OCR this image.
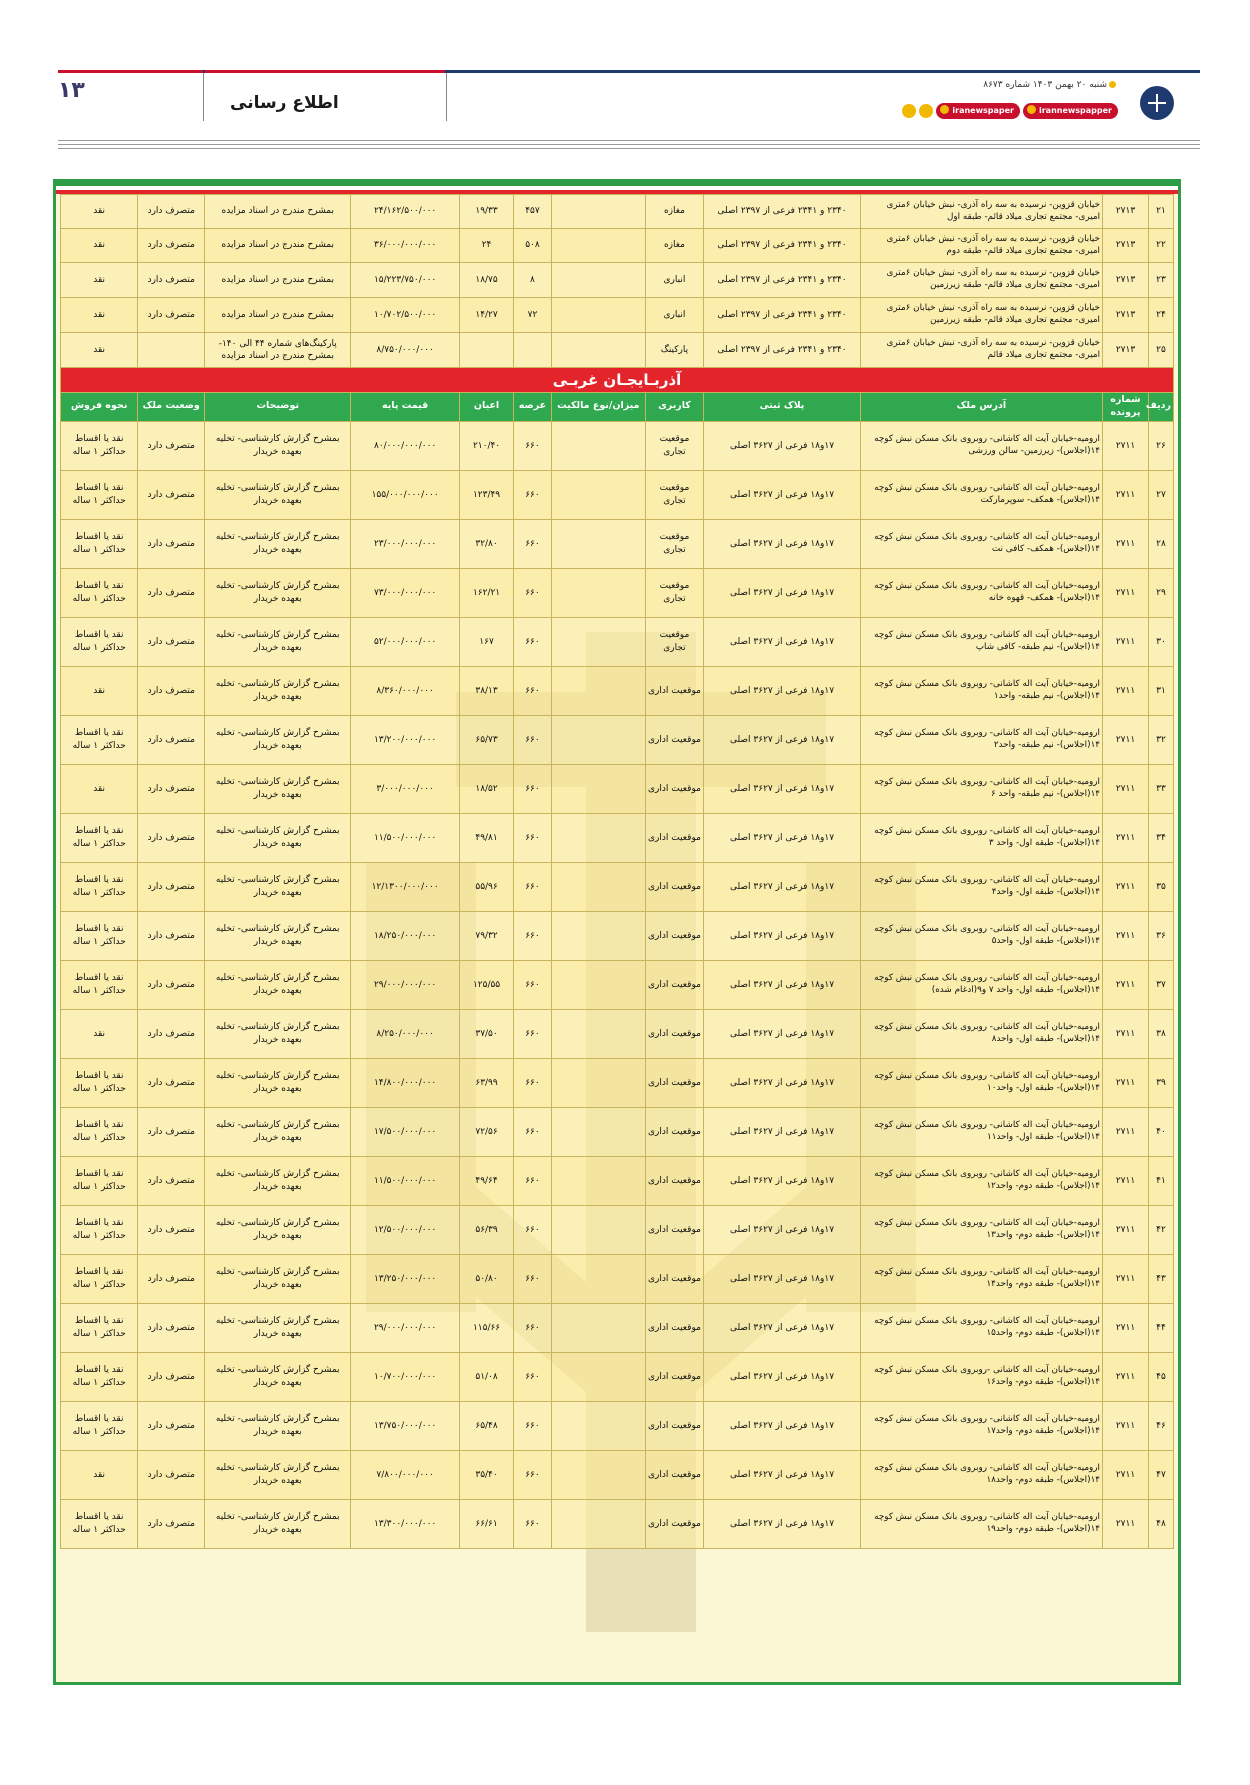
۱۳	اطلاع رسانی
شنبه ۲۰ بهمن ۱۴۰۳ شماره ۸۶۷۳
iranewspaper	irannewspapper
۲۱	۲۷۱۳	خیابان قزوین- نرسیده به سه راه آذری- نبش خیابان ۶متری امیری- مجتمع تجاری میلاد قائم- طبقه اول	۲۳۴۰ و ۲۳۴۱ فرعی از ۲۳۹۷ اصلی	مغازه		۴۵۷	۱۹/۳۳	۲۴/۱۶۲/۵۰۰/۰۰۰	بمشرح مندرج در اسناد مزایده	متصرف دارد	نقد
۲۲	۲۷۱۳	خیابان قزوین- نرسیده به سه راه آذری- نبش خیابان ۶متری امیری- مجتمع تجاری میلاد قائم- طبقه دوم	۲۳۴۰ و ۲۳۴۱ فرعی از ۲۳۹۷ اصلی	مغازه		۵۰۸	۲۴	۳۶/۰۰۰/۰۰۰/۰۰۰	بمشرح مندرج در اسناد مزایده	متصرف دارد	نقد
۲۳	۲۷۱۳	خیابان قزوین- نرسیده به سه راه آذری- نبش خیابان ۶متری امیری- مجتمع تجاری میلاد قائم- طبقه زیرزمین	۲۳۴۰ و ۲۳۴۱ فرعی از ۲۳۹۷ اصلی	انباری		۸	۱۸/۷۵	۱۵/۲۲۳/۷۵۰/۰۰۰	بمشرح مندرج در اسناد مزایده	متصرف دارد	نقد
۲۴	۲۷۱۳	خیابان قزوین- نرسیده به سه راه آذری- نبش خیابان ۶متری امیری- مجتمع تجاری میلاد قائم- طبقه زیرزمین	۲۳۴۰ و ۲۳۴۱ فرعی از ۲۳۹۷ اصلی	انباری		۷۲	۱۴/۲۷	۱۰/۷۰۲/۵۰۰/۰۰۰	بمشرح مندرج در اسناد مزایده	متصرف دارد	نقد
۲۵	۲۷۱۳	خیابان قزوین- نرسیده به سه راه آذری- نبش خیابان ۶متری امیری- مجتمع تجاری میلاد قائم	۲۳۴۰ و ۲۳۴۱ فرعی از ۲۳۹۷ اصلی	پارکینگ				۸/۷۵۰/۰۰۰/۰۰۰	پارکینگ‌های شماره ۴۴ الی ۱۴۰- بمشرح مندرج در اسناد مزایده		نقد
آذربـایجـان غربـی											
ردیف	شماره پرونده	آدرس ملک	پلاک ثبتی	کاربری	میزان/نوع مالکیت	عرصه	اعیان	قیمت پایه	توضیحات	وضعیت ملک	نحوه فروش
۲۶	۲۷۱۱	ارومیه-خیابان آیت اله کاشانی- روبروی بانک مسکن نبش کوچه ۱۴(اجلاس)- زیرزمین- سالن ورزشی	۱۷و۱۸ فرعی از ۳۶۲۷ اصلی	موقعیت تجاری		۶۶۰	۲۱۰/۴۰	۸۰/۰۰۰/۰۰۰/۰۰۰	بمشرح گزارش کارشناسی- تخلیه بعهده خریدار	متصرف دارد	نقد یا اقساط حداکثر ۱ ساله
۲۷	۲۷۱۱	ارومیه-خیابان آیت اله کاشانی- روبروی بانک مسکن نبش کوچه ۱۴(اجلاس)- همکف- سوپرمارکت	۱۷و۱۸ فرعی از ۳۶۲۷ اصلی	موقعیت تجاری		۶۶۰	۱۲۳/۴۹	۱۵۵/۰۰۰/۰۰۰/۰۰۰	بمشرح گزارش کارشناسی- تخلیه بعهده خریدار	متصرف دارد	نقد یا اقساط حداکثر ۱ ساله
۲۸	۲۷۱۱	ارومیه-خیابان آیت اله کاشانی- روبروی بانک مسکن نبش کوچه ۱۴(اجلاس)- همکف- کافی نت	۱۷و۱۸ فرعی از ۳۶۲۷ اصلی	موقعیت تجاری		۶۶۰	۳۲/۸۰	۲۳/۰۰۰/۰۰۰/۰۰۰	بمشرح گزارش کارشناسی- تخلیه بعهده خریدار	متصرف دارد	نقد یا اقساط حداکثر ۱ ساله
۲۹	۲۷۱۱	ارومیه-خیابان آیت اله کاشانی- روبروی بانک مسکن نبش کوچه ۱۴(اجلاس)- همکف- قهوه خانه	۱۷و۱۸ فرعی از ۳۶۲۷ اصلی	موقعیت تجاری		۶۶۰	۱۶۲/۲۱	۷۳/۰۰۰/۰۰۰/۰۰۰	بمشرح گزارش کارشناسی- تخلیه بعهده خریدار	متصرف دارد	نقد یا اقساط حداکثر ۱ ساله
۳۰	۲۷۱۱	ارومیه-خیابان آیت اله کاشانی- روبروی بانک مسکن نبش کوچه ۱۴(اجلاس)- نیم طبقه- کافی شاپ	۱۷و۱۸ فرعی از ۳۶۲۷ اصلی	موقعیت تجاری		۶۶۰	۱۶۷	۵۲/۰۰۰/۰۰۰/۰۰۰	بمشرح گزارش کارشناسی- تخلیه بعهده خریدار	متصرف دارد	نقد یا اقساط حداکثر ۱ ساله
۳۱	۲۷۱۱	ارومیه-خیابان آیت اله کاشانی- روبروی بانک مسکن نبش کوچه ۱۴(اجلاس)- نیم طبقه- واحد۱	۱۷و۱۸ فرعی از ۳۶۲۷ اصلی	موقعیت اداری		۶۶۰	۳۸/۱۳	۸/۳۶۰/۰۰۰/۰۰۰	بمشرح گزارش کارشناسی- تخلیه بعهده خریدار	متصرف دارد	نقد
۳۲	۲۷۱۱	ارومیه-خیابان آیت اله کاشانی- روبروی بانک مسکن نبش کوچه ۱۴(اجلاس)- نیم طبقه- واحد۲	۱۷و۱۸ فرعی از ۳۶۲۷ اصلی	موقعیت اداری		۶۶۰	۶۵/۷۳	۱۳/۲۰۰/۰۰۰/۰۰۰	بمشرح گزارش کارشناسی- تخلیه بعهده خریدار	متصرف دارد	نقد یا اقساط حداکثر ۱ ساله
۳۳	۲۷۱۱	ارومیه-خیابان آیت اله کاشانی- روبروی بانک مسکن نبش کوچه ۱۴(اجلاس)- نیم طبقه- واحد ۶	۱۷و۱۸ فرعی از ۳۶۲۷ اصلی	موقعیت اداری		۶۶۰	۱۸/۵۲	۳/۰۰۰/۰۰۰/۰۰۰	بمشرح گزارش کارشناسی- تخلیه بعهده خریدار	متصرف دارد	نقد
۳۴	۲۷۱۱	ارومیه-خیابان آیت اله کاشانی- روبروی بانک مسکن نبش کوچه ۱۴(اجلاس)- طبقه اول- واحد ۳	۱۷و۱۸ فرعی از ۳۶۲۷ اصلی	موقعیت اداری		۶۶۰	۴۹/۸۱	۱۱/۵۰۰/۰۰۰/۰۰۰	بمشرح گزارش کارشناسی- تخلیه بعهده خریدار	متصرف دارد	نقد یا اقساط حداکثر ۱ ساله
۳۵	۲۷۱۱	ارومیه-خیابان آیت اله کاشانی- روبروی بانک مسکن نبش کوچه ۱۴(اجلاس)- طبقه اول- واحد۴	۱۷و۱۸ فرعی از ۳۶۲۷ اصلی	موقعیت اداری		۶۶۰	۵۵/۹۶	۱۲/۱۳۰۰/۰۰۰/۰۰۰	بمشرح گزارش کارشناسی- تخلیه بعهده خریدار	متصرف دارد	نقد یا اقساط حداکثر ۱ ساله
۳۶	۲۷۱۱	ارومیه-خیابان آیت اله کاشانی- روبروی بانک مسکن نبش کوچه ۱۴(اجلاس)- طبقه اول- واحد۵	۱۷و۱۸ فرعی از ۳۶۲۷ اصلی	موقعیت اداری		۶۶۰	۷۹/۳۲	۱۸/۲۵۰/۰۰۰/۰۰۰	بمشرح گزارش کارشناسی- تخلیه بعهده خریدار	متصرف دارد	نقد یا اقساط حداکثر ۱ ساله
۳۷	۲۷۱۱	ارومیه-خیابان آیت اله کاشانی- روبروی بانک مسکن نبش کوچه ۱۴(اجلاس)- طبقه اول- واحد ۷ و۹(ادغام شده)	۱۷و۱۸ فرعی از ۳۶۲۷ اصلی	موقعیت اداری		۶۶۰	۱۲۵/۵۵	۲۹/۰۰۰/۰۰۰/۰۰۰	بمشرح گزارش کارشناسی- تخلیه بعهده خریدار	متصرف دارد	نقد یا اقساط حداکثر ۱ ساله
۳۸	۲۷۱۱	ارومیه-خیابان آیت اله کاشانی- روبروی بانک مسکن نبش کوچه ۱۴(اجلاس)- طبقه اول- واحد۸	۱۷و۱۸ فرعی از ۳۶۲۷ اصلی	موقعیت اداری		۶۶۰	۳۷/۵۰	۸/۲۵۰/۰۰۰/۰۰۰	بمشرح گزارش کارشناسی- تخلیه بعهده خریدار	متصرف دارد	نقد
۳۹	۲۷۱۱	ارومیه-خیابان آیت اله کاشانی- روبروی بانک مسکن نبش کوچه ۱۴(اجلاس)- طبقه اول- واحد۱۰	۱۷و۱۸ فرعی از ۳۶۲۷ اصلی	موقعیت اداری		۶۶۰	۶۳/۹۹	۱۴/۸۰۰/۰۰۰/۰۰۰	بمشرح گزارش کارشناسی- تخلیه بعهده خریدار	متصرف دارد	نقد یا اقساط حداکثر ۱ ساله
۴۰	۲۷۱۱	ارومیه-خیابان آیت اله کاشانی- روبروی بانک مسکن نبش کوچه ۱۴(اجلاس)- طبقه اول- واحد۱۱	۱۷و۱۸ فرعی از ۳۶۲۷ اصلی	موقعیت اداری		۶۶۰	۷۲/۵۶	۱۷/۵۰۰/۰۰۰/۰۰۰	بمشرح گزارش کارشناسی- تخلیه بعهده خریدار	متصرف دارد	نقد یا اقساط حداکثر ۱ ساله
۴۱	۲۷۱۱	ارومیه-خیابان آیت اله کاشانی- روبروی بانک مسکن نبش کوچه ۱۴(اجلاس)- طبقه دوم- واحد۱۲	۱۷و۱۸ فرعی از ۳۶۲۷ اصلی	موقعیت اداری		۶۶۰	۴۹/۶۴	۱۱/۵۰۰/۰۰۰/۰۰۰	بمشرح گزارش کارشناسی- تخلیه بعهده خریدار	متصرف دارد	نقد یا اقساط حداکثر ۱ ساله
۴۲	۲۷۱۱	ارومیه-خیابان آیت اله کاشانی- روبروی بانک مسکن نبش کوچه ۱۴(اجلاس)- طبقه دوم- واحد۱۳	۱۷و۱۸ فرعی از ۳۶۲۷ اصلی	موقعیت اداری		۶۶۰	۵۶/۳۹	۱۲/۵۰۰/۰۰۰/۰۰۰	بمشرح گزارش کارشناسی- تخلیه بعهده خریدار	متصرف دارد	نقد یا اقساط حداکثر ۱ ساله
۴۳	۲۷۱۱	ارومیه-خیابان آیت اله کاشانی- روبروی بانک مسکن نبش کوچه ۱۴(اجلاس)- طبقه دوم- واحد۱۴	۱۷و۱۸ فرعی از ۳۶۲۷ اصلی	موقعیت اداری		۶۶۰	۵۰/۸۰	۱۳/۲۵۰/۰۰۰/۰۰۰	بمشرح گزارش کارشناسی- تخلیه بعهده خریدار	متصرف دارد	نقد یا اقساط حداکثر ۱ ساله
۴۴	۲۷۱۱	ارومیه-خیابان آیت اله کاشانی- روبروی بانک مسکن نبش کوچه ۱۴(اجلاس)- طبقه دوم- واحد۱۵	۱۷و۱۸ فرعی از ۳۶۲۷ اصلی	موقعیت اداری		۶۶۰	۱۱۵/۶۶	۲۹/۰۰۰/۰۰۰/۰۰۰	بمشرح گزارش کارشناسی- تخلیه بعهده خریدار	متصرف دارد	نقد یا اقساط حداکثر ۱ ساله
۴۵	۲۷۱۱	ارومیه-خیابان آیت اله کاشانی -روبروی بانک مسکن نبش کوچه ۱۴(اجلاس)- طبقه دوم- واحد۱۶	۱۷و۱۸ فرعی از ۳۶۲۷ اصلی	موقعیت اداری		۶۶۰	۵۱/۰۸	۱۰/۷۰۰/۰۰۰/۰۰۰	بمشرح گزارش کارشناسی- تخلیه بعهده خریدار	متصرف دارد	نقد یا اقساط حداکثر ۱ ساله
۴۶	۲۷۱۱	ارومیه-خیابان آیت اله کاشانی- روبروی بانک مسکن نبش کوچه ۱۴(اجلاس)- طبقه دوم- واحد۱۷	۱۷و۱۸ فرعی از ۳۶۲۷ اصلی	موقعیت اداری		۶۶۰	۶۵/۴۸	۱۳/۷۵۰/۰۰۰/۰۰۰	بمشرح گزارش کارشناسی- تخلیه بعهده خریدار	متصرف دارد	نقد یا اقساط حداکثر ۱ ساله
۴۷	۲۷۱۱	ارومیه-خیابان آیت اله کاشانی- روبروی بانک مسکن نبش کوچه ۱۴(اجلاس)- طبقه دوم- واحد۱۸	۱۷و۱۸ فرعی از ۳۶۲۷ اصلی	موقعیت اداری		۶۶۰	۳۵/۴۰	۷/۸۰۰/۰۰۰/۰۰۰	بمشرح گزارش کارشناسی- تخلیه بعهده خریدار	متصرف دارد	نقد
۴۸	۲۷۱۱	ارومیه-خیابان آیت اله کاشانی- روبروی بانک مسکن نبش کوچه ۱۴(اجلاس)- طبقه دوم- واحد۱۹	۱۷و۱۸ فرعی از ۳۶۲۷ اصلی	موقعیت اداری		۶۶۰	۶۶/۶۱	۱۳/۳۰۰/۰۰۰/۰۰۰	بمشرح گزارش کارشناسی- تخلیه بعهده خریدار	متصرف دارد	نقد یا اقساط حداکثر ۱ ساله
